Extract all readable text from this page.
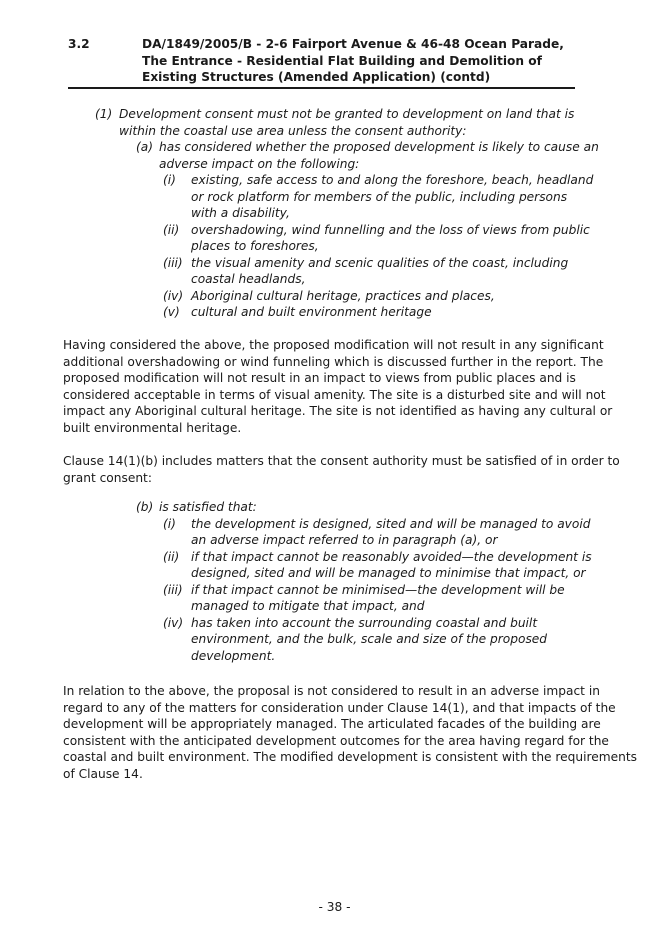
3.2	DA/1849/2005/B - 2-6 Fairport Avenue & 46-48 Ocean Parade, The Entrance - Residential Flat Building and Demolition of Existing Structures (Amended Application) (contd)
(1) Development consent must not be granted to development on land that is
within the coastal use area unless the consent authority:
(a) has considered whether the proposed development is likely to cause an
adverse impact on the following:
(i) existing, safe access to and along the foreshore, beach, headland
or rock platform for members of the public, including persons
with a disability,
(ii) overshadowing, wind funnelling and the loss of views from public
places to foreshores,
(iii) the visual amenity and scenic qualities of the coast, including
coastal headlands,
(iv) Aboriginal cultural heritage, practices and places,
(v) cultural and built environment heritage
Having considered the above, the proposed modification will not result in any significant
additional overshadowing or wind funneling which is discussed further in the report. The
proposed modification will not result in an impact to views from public places and is
considered acceptable in terms of visual amenity. The site is a disturbed site and will not
impact any Aboriginal cultural heritage. The site is not identified as having any cultural or
built environmental heritage.
Clause 14(1)(b) includes matters that the consent authority must be satisfied of in order to
grant consent:
(b) is satisfied that:
(i) the development is designed, sited and will be managed to avoid
an adverse impact referred to in paragraph (a), or
(ii) if that impact cannot be reasonably avoided—the development is
designed, sited and will be managed to minimise that impact, or
(iii) if that impact cannot be minimised—the development will be
managed to mitigate that impact, and
(iv) has taken into account the surrounding coastal and built
environment, and the bulk, scale and size of the proposed
development.
In relation to the above, the proposal is not considered to result in an adverse impact in
regard to any of the matters for consideration under Clause 14(1), and that impacts of the
development will be appropriately managed. The articulated facades of the building are
consistent with the anticipated development outcomes for the area having regard for the
coastal and built environment. The modified development is consistent with the requirements
of Clause 14.
- 38 -
